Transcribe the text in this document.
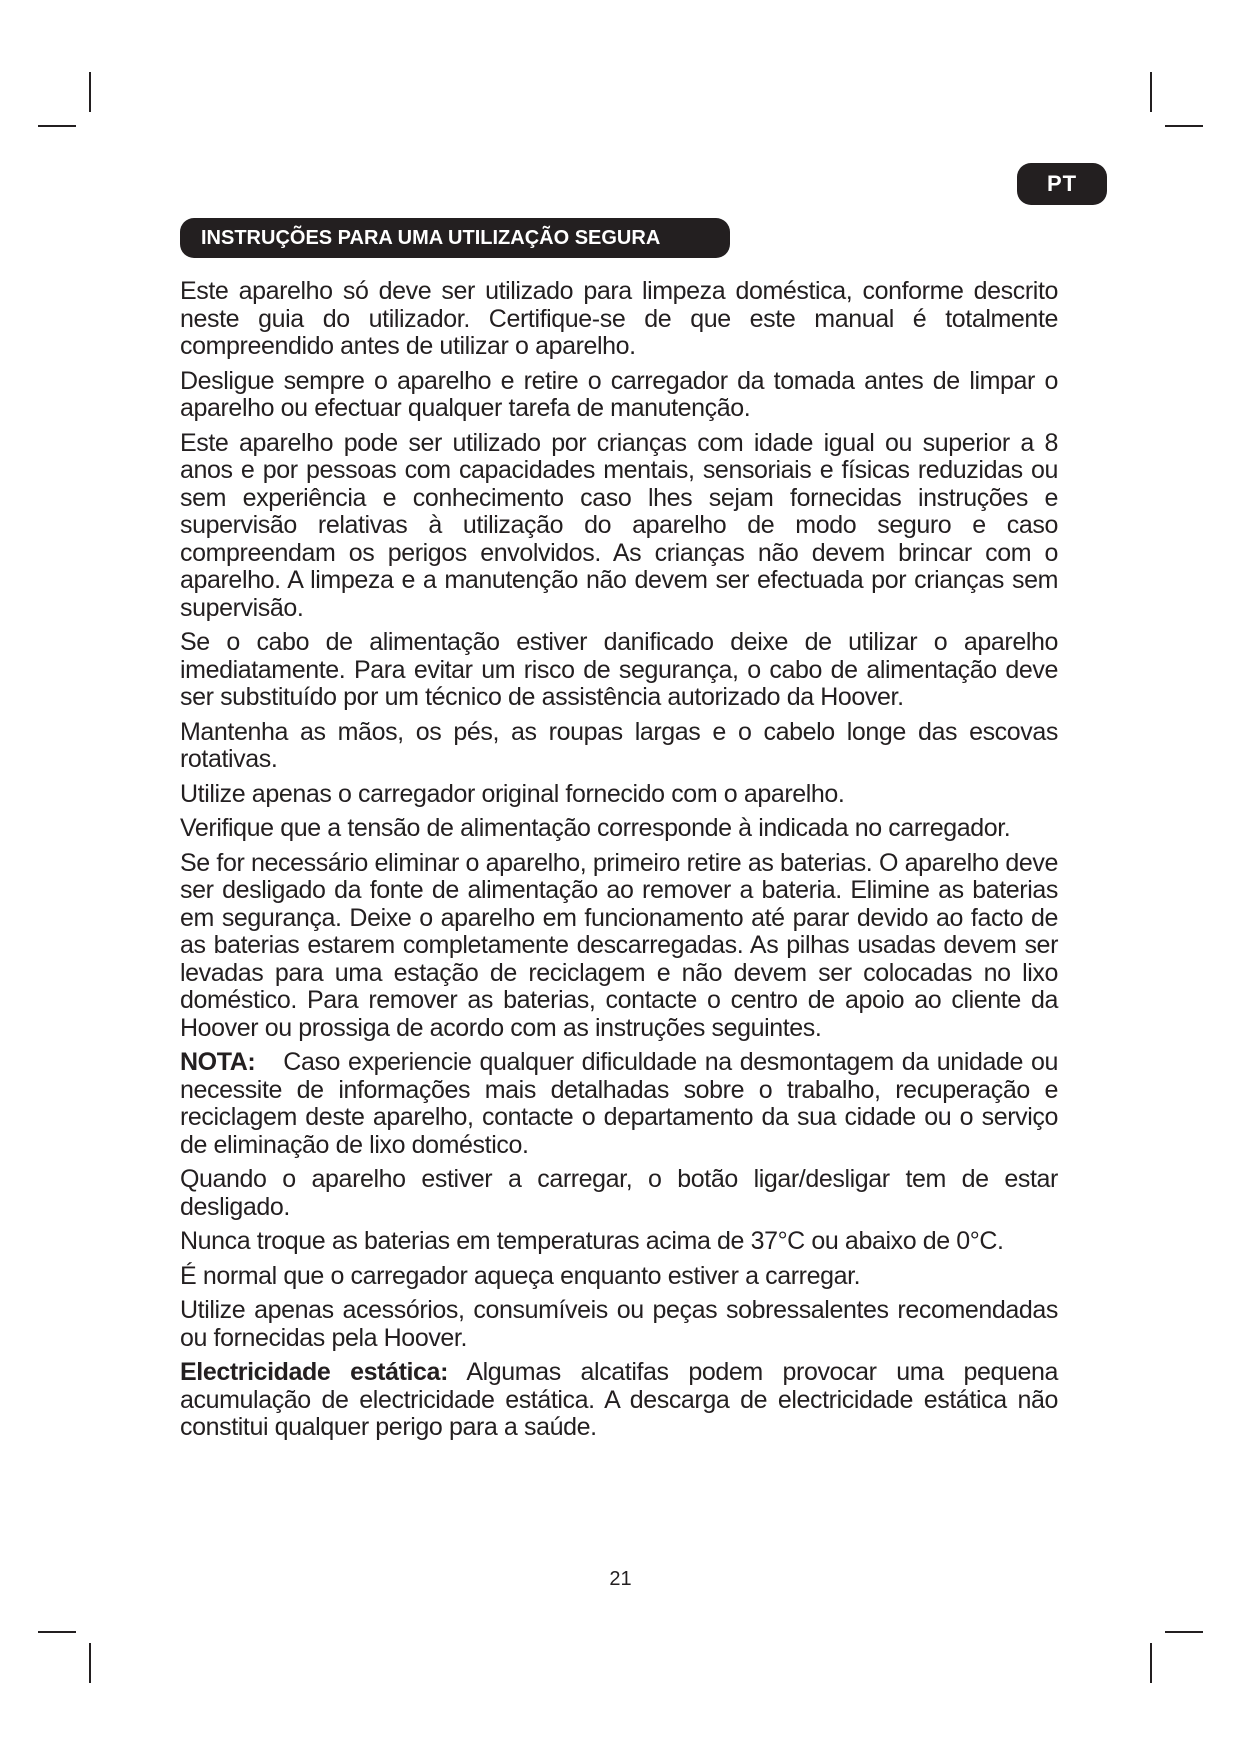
PT
INSTRUÇÕES PARA UMA UTILIZAÇÃO SEGURA

Este aparelho só deve ser utilizado para limpeza doméstica, conforme descrito neste guia do utilizador. Certifique-se de que este manual é totalmente compreendido antes de utilizar o aparelho.

Desligue sempre o aparelho e retire o carregador da tomada antes de limpar o aparelho ou efectuar qualquer tarefa de manutenção.

Este aparelho pode ser utilizado por crianças com idade igual ou superior a 8 anos e por pessoas com capacidades mentais, sensoriais e físicas reduzidas ou sem experiência e conhecimento caso lhes sejam fornecidas instruções e supervisão relativas à utilização do aparelho de modo seguro e caso compreendam os perigos envolvidos. As crianças não devem brincar com o aparelho. A limpeza e a manutenção não devem ser efectuada por crianças sem supervisão.

Se o cabo de alimentação estiver danificado deixe de utilizar o aparelho imediatamente. Para evitar um risco de segurança, o cabo de alimentação deve ser substituído por um técnico de assistência autorizado da Hoover.

Mantenha as mãos, os pés, as roupas largas e o cabelo longe das escovas rotativas.

Utilize apenas o carregador original fornecido com o aparelho.

Verifique que a tensão de alimentação corresponde à indicada no carregador.

Se for necessário eliminar o aparelho, primeiro retire as baterias. O aparelho deve ser desligado da fonte de alimentação ao remover a bateria. Elimine as baterias em segurança. Deixe o aparelho em funcionamento até parar devido ao facto de as baterias estarem completamente descarregadas. As pilhas usadas devem ser levadas para uma estação de reciclagem e não devem ser colocadas no lixo doméstico. Para remover as baterias, contacte o centro de apoio ao cliente da Hoover ou prossiga de acordo com as instruções seguintes.

NOTA: Caso experiencie qualquer dificuldade na desmontagem da unidade ou necessite de informações mais detalhadas sobre o trabalho, recuperação e reciclagem deste aparelho, contacte o departamento da sua cidade ou o serviço de eliminação de lixo doméstico.

Quando o aparelho estiver a carregar, o botão ligar/desligar tem de estar desligado.

Nunca troque as baterias em temperaturas acima de 37°C ou abaixo de 0°C.

É normal que o carregador aqueça enquanto estiver a carregar.

Utilize apenas acessórios, consumíveis ou peças sobressalentes recomendadas ou fornecidas pela Hoover.

Electricidade estática: Algumas alcatifas podem provocar uma pequena acumulação de electricidade estática. A descarga de electricidade estática não constitui qualquer perigo para a saúde.

21
